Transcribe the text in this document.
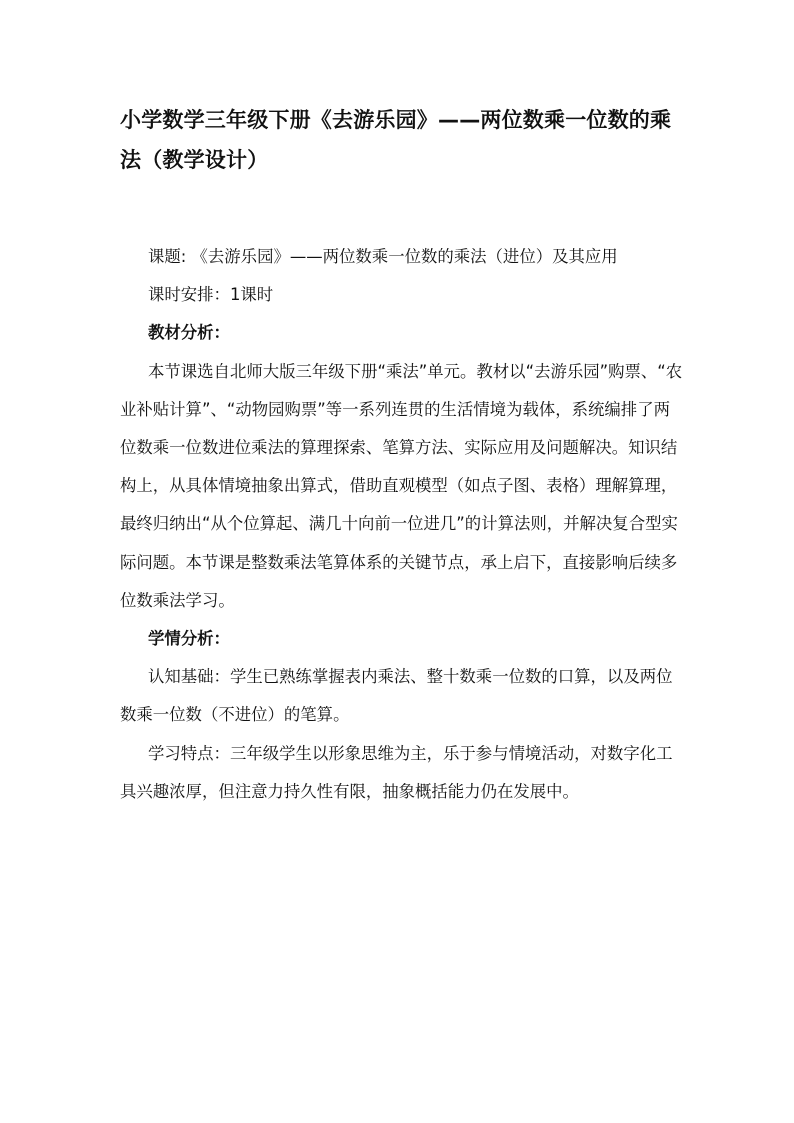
小学数学三年级下册《去游乐园》——两位数乘一位数的乘法（教学设计）

课题: 《去游乐园》——两位数乘一位数的乘法（进位）及其应用

课时安排：1课时

教材分析：

本节课选自北师大版三年级下册“乘法”单元。教材以“去游乐园”购票、“农业补贴计算”、“动物园购票”等一系列连贯的生活情境为载体，系统编排了两位数乘一位数进位乘法的算理探索、笔算方法、实际应用及问题解决。知识结构上，从具体情境抽象出算式，借助直观模型（如点子图、表格）理解算理，最终归纳出“从个位算起、满几十向前一位进几”的计算法则，并解决复合型实际问题。本节课是整数乘法笔算体系的关键节点，承上启下，直接影响后续多位数乘法学习。

学情分析：

认知基础：学生已熟练掌握表内乘法、整十数乘一位数的口算，以及两位数乘一位数（不进位）的笔算。

学习特点：三年级学生以形象思维为主，乐于参与情境活动，对数字化工具兴趣浓厚，但注意力持久性有限，抽象概括能力仍在发展中。
